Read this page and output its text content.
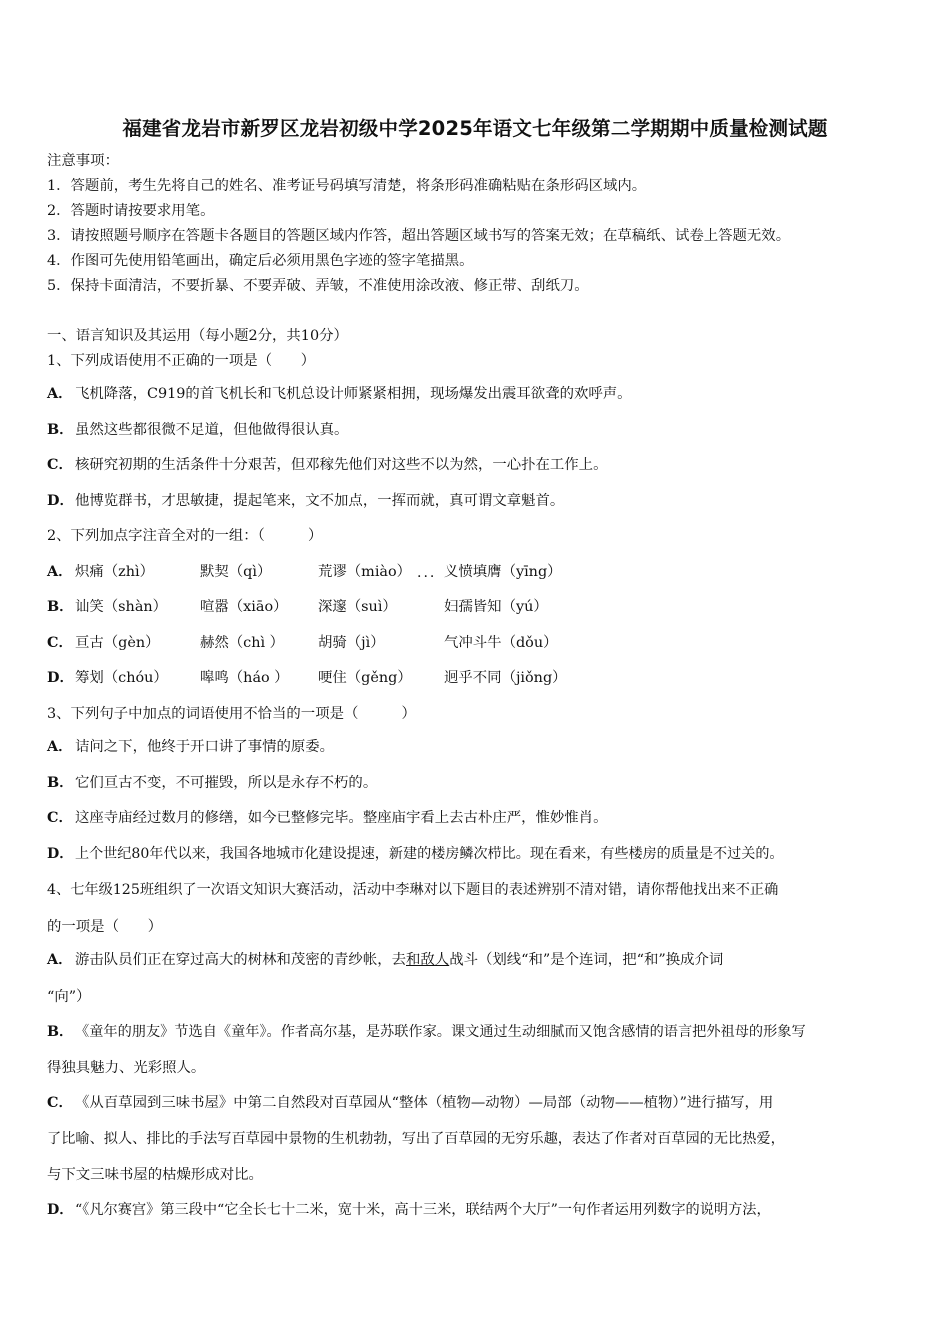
福建省龙岩市新罗区龙岩初级中学2025年语文七年级第二学期期中质量检测试题
注意事项：
1．答题前，考生先将自己的姓名、准考证号码填写清楚，将条形码准确粘贴在条形码区域内。
2．答题时请按要求用笔。
3．请按照题号顺序在答题卡各题目的答题区域内作答，超出答题区域书写的答案无效；在草稿纸、试卷上答题无效。
4．作图可先使用铅笔画出，确定后必须用黑色字迹的签字笔描黑。
5．保持卡面清洁，不要折暴、不要弄破、弄皱，不准使用涂改液、修正带、刮纸刀。
一、语言知识及其运用（每小题2分，共10分）
1、下列成语使用不正确的一项是（　　）
A． 飞机降落，C919的首飞机长和飞机总设计师紧紧相拥，现场爆发出震耳欲聋的欢呼声。
B．虽然这些都很微不足道，但他做得很认真。
C． 核研究初期的生活条件十分艰苦，但邓稼先他们对这些不以为然，一心扑在工作上。
D．他博览群书，才思敏捷，提起笔来，文不加点，一挥而就，真可谓文章魁首。
2、下列加点字注音全对的一组：（　　　）
A． 炽痛（zhì）	默契（qì）	荒谬（miào） ... 义愤填膺（yīng）
B． 讪笑（shàn） 喧嚣（xiāo） 深邃（suì）	妇孺皆知（yú）
C． 亘古（gèn）	赫然（chì ） 胡骑（jì）	气冲斗牛（dǒu）
D． 筹划（chóu） 嗥鸣（háo ） 哽住（gěng） 迥乎不同（jiǒng）
3、下列句子中加点的词语使用不恰当的一项是（　　　）
A． 诘问之下，他终于开口讲了事情的原委。
B．它们亘古不变，不可摧毁，所以是永存不朽的。
C． 这座寺庙经过数月的修缮，如今已整修完毕。整座庙宇看上去古朴庄严，惟妙惟肖。
D． 上个世纪80年代以来，我国各地城市化建设提速，新建的楼房鳞次栉比。现在看来，有些楼房的质量是不过关的。
4、七年级125班组织了一次语文知识大赛活动，活动中李琳对以下题目的表述辨别不清对错，请你帮他找出来不正确
的一项是（　　）
A． 游击队员们正在穿过高大的树林和茂密的青纱帐，去和敌人战斗（划线“和”是个连词，把“和”换成介词
“向”）
B． 《童年的朋友》节选自《童年》。作者高尔基，是苏联作家。课文通过生动细腻而又饱含感情的语言把外祖母的形象写
得独具魅力、光彩照人。
C． 《从百草园到三味书屋》中第二自然段对百草园从“整体（植物—动物）—局部（动物——植物）”进行描写，用
了比喻、拟人、排比的手法写百草园中景物的生机勃勃，写出了百草园的无穷乐趣，表达了作者对百草园的无比热爱，
与下文三味书屋的枯燥形成对比。
D． “《凡尔赛宫》第三段中“它全长七十二米，宽十米，高十三米，联结两个大厅”一句作者运用列数字的说明方法，
